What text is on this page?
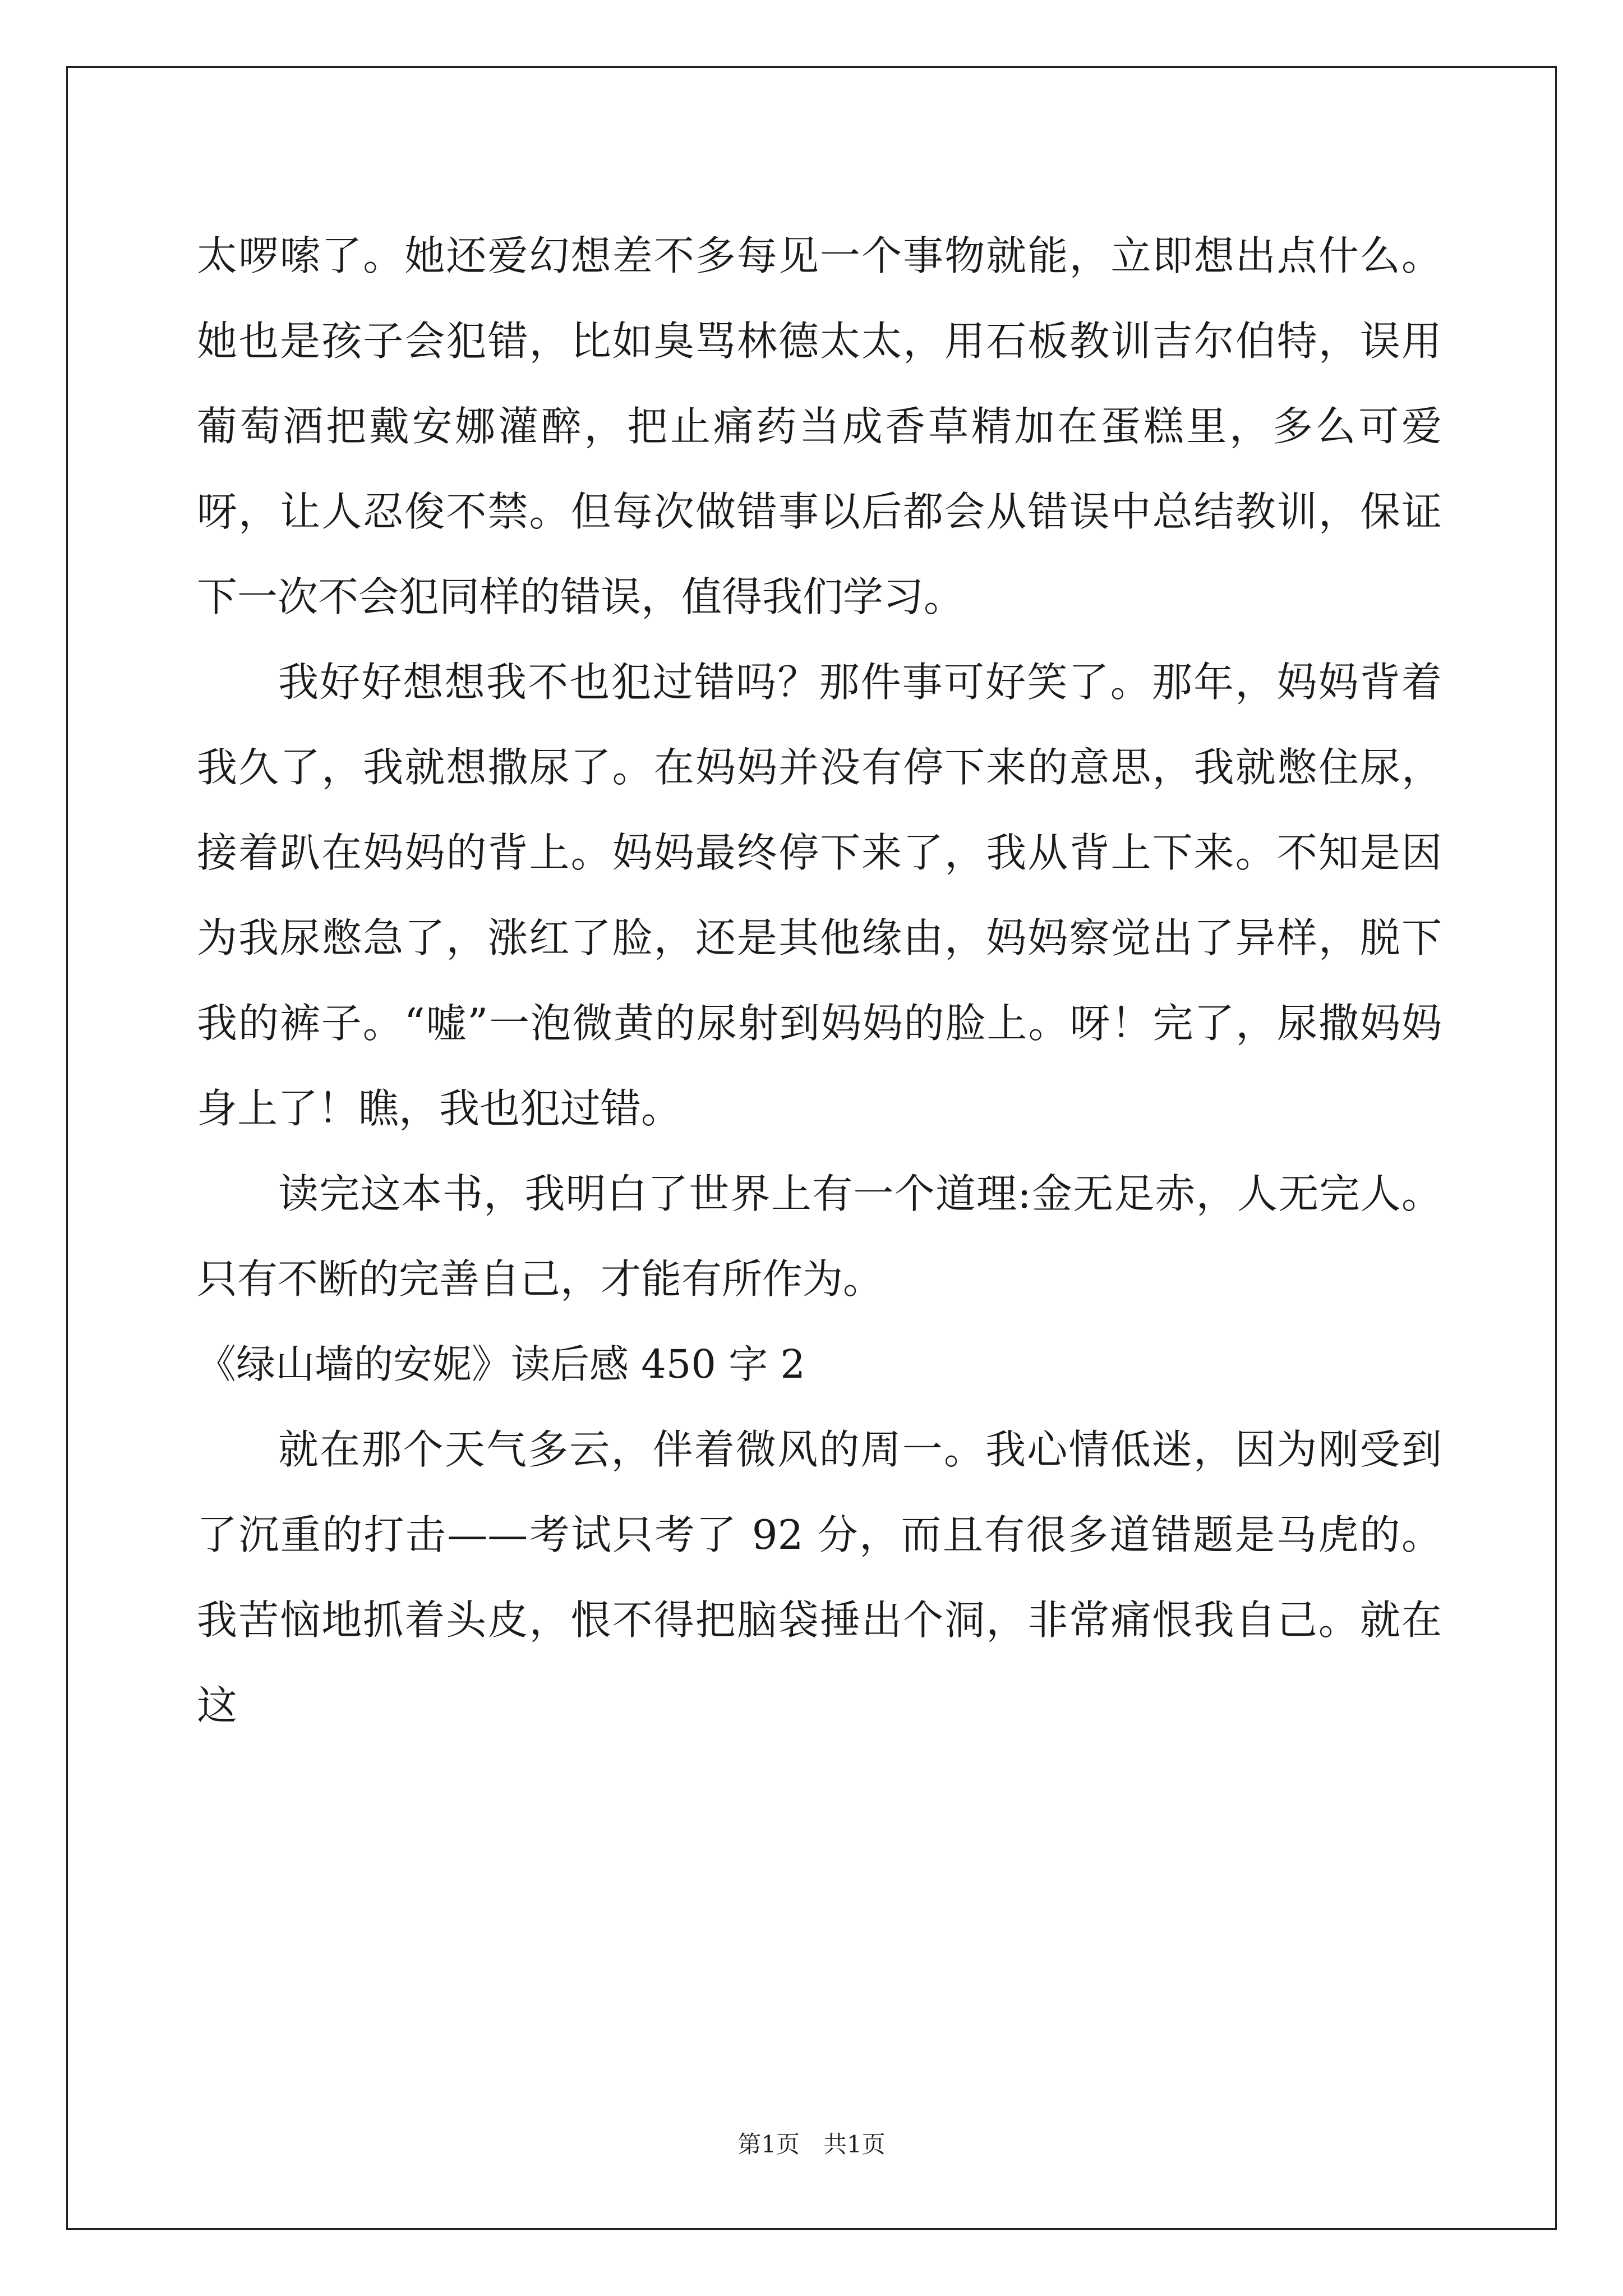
太啰嗦了。她还爱幻想差不多每见一个事物就能，立即想出点什么。她也是孩子会犯错，比如臭骂林德太太，用石板教训吉尔伯特，误用葡萄酒把戴安娜灌醉，把止痛药当成香草精加在蛋糕里，多么可爱呀，让人忍俊不禁。但每次做错事以后都会从错误中总结教训，保证下一次不会犯同样的错误，值得我们学习。

我好好想想我不也犯过错吗？那件事可好笑了。那年，妈妈背着我久了，我就想撒尿了。在妈妈并没有停下来的意思，我就憋住尿，接着趴在妈妈的背上。妈妈最终停下来了，我从背上下来。不知是因为我尿憋急了，涨红了脸，还是其他缘由，妈妈察觉出了异样，脱下我的裤子。“嘘”一泡微黄的尿射到妈妈的脸上。呀！完了，尿撒妈妈身上了！瞧，我也犯过错。

读完这本书，我明白了世界上有一个道理:金无足赤，人无完人。只有不断的完善自己，才能有所作为。

《绿山墙的安妮》读后感 450 字 2

就在那个天气多云，伴着微风的周一。我心情低迷，因为刚受到了沉重的打击——考试只考了 92 分，而且有很多道错题是马虎的。我苦恼地抓着头皮，恨不得把脑袋捶出个洞，非常痛恨我自己。就在这

第1页　共1页
